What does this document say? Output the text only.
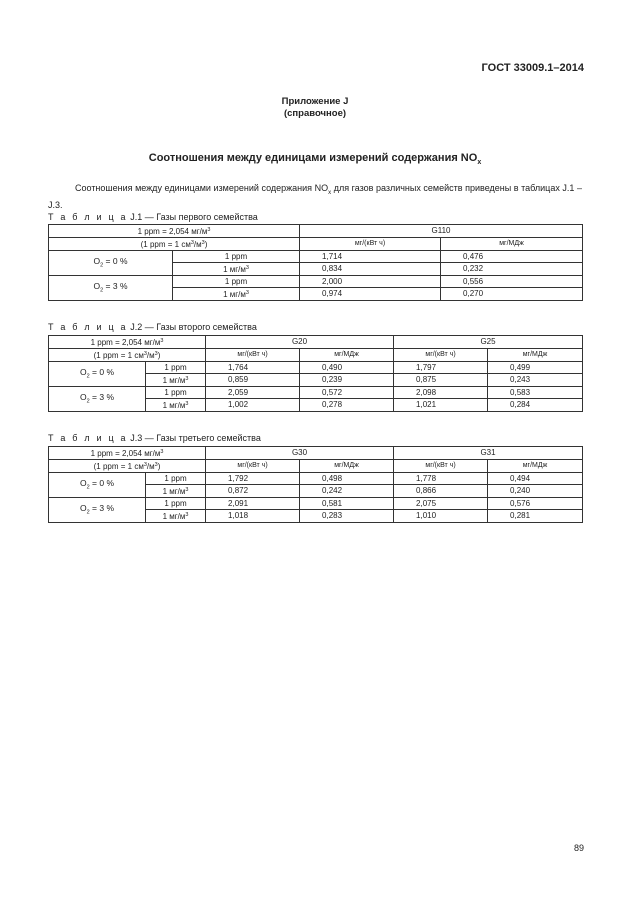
ГОСТ 33009.1–2014
Приложение J
(справочное)
Соотношения между единицами измерений содержания $NO_x$

Соотношения между единицами измерений содержания $NO_x$ для газов различных семейств приведены в таблицах J.1 – J.3.

Т а б л и ц а J.1 — Газы первого семейства
1 ppm = 2,054 $мг/м^3$		G110	
(1 ppm = 1 $см^3/м^3$)		мг/(кВт ч)	мг/МДж
$O_2 = 0$ %	1 ppm	1,714	0,476
	1 $мг/м^3$	0,834	0,232
$O_2 = 3$ %	1 ppm	2,000	0,556
	1 $мг/м^3$	0,974	0,270
Т а б л и ц а J.2 — Газы второго семейства
1 ppm = 2,054 $мг/м^3$		G20		G25	
(1 ppm = 1 $см^3/м^3$)		мг/(кВт ч)	мг/МДж	мг/(кВт ч)	мг/МДж
$O_2 = 0$ %	1 ppm	1,764	0,490	1,797	0,499
	1 $мг/м^3$	0,859	0,239	0,875	0,243
$O_2 = 3$ %	1 ppm	2,059	0,572	2,098	0,583
	1 $мг/м^3$	1,002	0,278	1,021	0,284
Т а б л и ц а J.3 — Газы третьего семейства
1 ppm = 2,054 $мг/м^3$		G30		G31	
(1 ppm = 1 $см^3/м^3$)		мг/(кВт ч)	мг/МДж	мг/(кВт ч)	мг/МДж
$O_2 = 0$ %	1 ppm	1,792	0,498	1,778	0,494
	1 $мг/м^3$	0,872	0,242	0,866	0,240
$O_2 = 3$ %	1 ppm	2,091	0,581	2,075	0,576
	1 $мг/м^3$	1,018	0,283	1,010	0,281
89
